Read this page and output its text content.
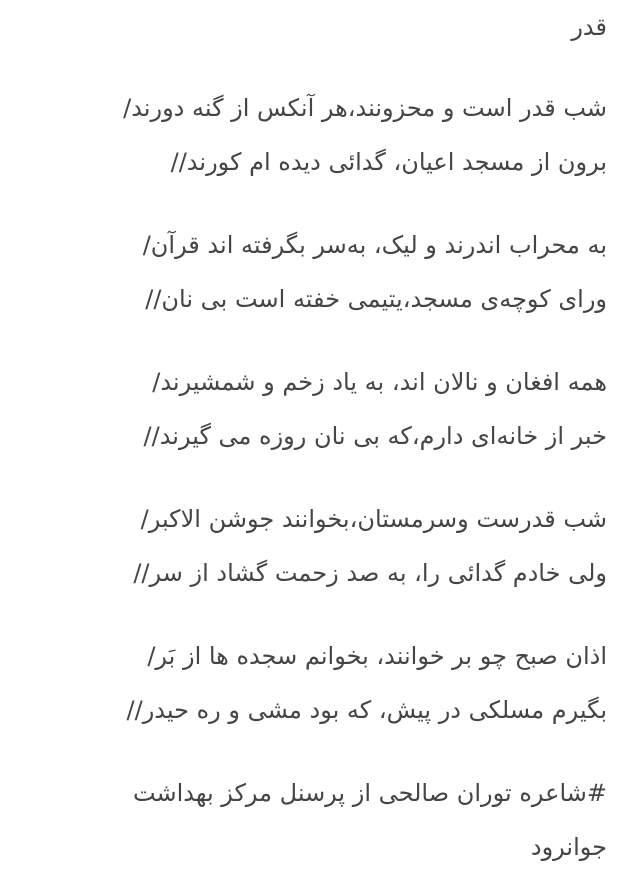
قدر
شب قدر است و محزونند،هر آنکس از گنه دورند/
برون از مسجد اعیان، گدائی دیده ام کورند//
به محراب اندرند و لیک، به‌سر بگرفته اند قرآن/
ورای کوچه‌ی مسجد،یتیمی خفته است بی نان//
همه افغان و نالان اند، به یاد زخم و شمشیرند/
خبر از خانه‌ای دارم،که بی نان روزه می گیرند//
شب قدرست وسرمستان،بخوانند جوشن الاکبر/
ولی خادم گدائی را، به صد زحمت گشاد از سر//
اذان صبح چو بر خوانند، بخوانم سجده ها از بَر/
بگیرم مسلکی در پیش، که بود مشی و ره حیدر//
#شاعره توران صالحی از پرسنل مرکز بهداشت
جوانرود
